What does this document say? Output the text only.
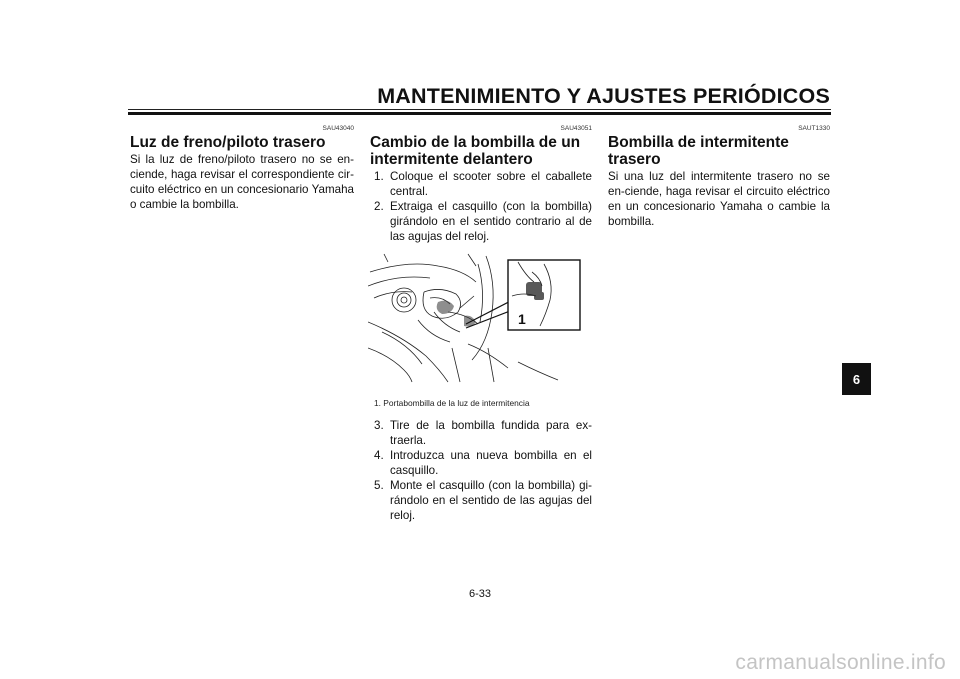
MANTENIMIENTO Y AJUSTES PERIÓDICOS
SAU43040
Luz de freno/piloto trasero

Si la luz de freno/piloto trasero no se en-ciende, haga revisar el correspondiente cir-cuito eléctrico en un concesionario Yamaha o cambie la bombilla.

SAU43051
Cambio de la bombilla de un intermitente delantero
1. Coloque el scooter sobre el caballete central.
2. Extraiga el casquillo (con la bombilla) girándolo en el sentido contrario al de las agujas del reloj.
1
1. Portabombilla de la luz de intermitencia
3. Tire de la bombilla fundida para ex-traerla.
4. Introduzca una nueva bombilla en el casquillo.
5. Monte el casquillo (con la bombilla) gi-rándolo en el sentido de las agujas del reloj.
SAUT1330
Bombilla de intermitente trasero

Si una luz del intermitente trasero no se en-ciende, haga revisar el circuito eléctrico en un concesionario Yamaha o cambie la bombilla.

6-33
6
carmanualsonline.info
